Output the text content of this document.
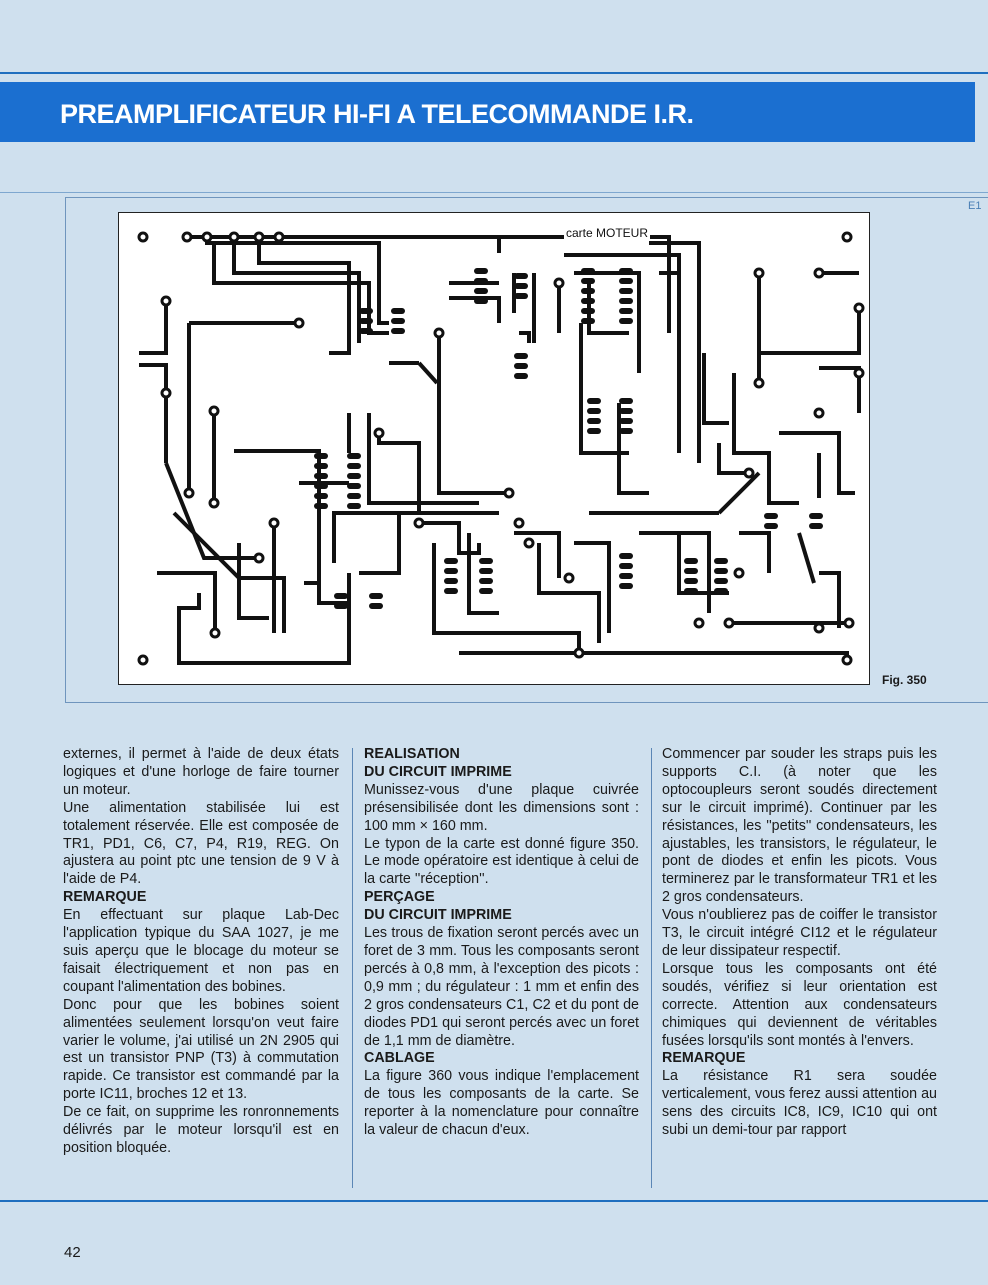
PREAMPLIFICATEUR HI-FI A TELECOMMANDE I.R.
E1
carte MOTEUR
Fig. 350

externes, il permet à l'aide de deux états logiques et d'une horloge de faire tourner un moteur.

Une alimentation stabilisée lui est totalement réservée. Elle est composée de TR1, PD1, C6, C7, P4, R19, REG. On ajustera au point ptc une tension de 9 V à l'aide de P4.

REMARQUE

En effectuant sur plaque Lab-Dec l'application typique du SAA 1027, je me suis aperçu que le blocage du moteur se faisait électriquement et non pas en coupant l'alimentation des bobines.

Donc pour que les bobines soient alimentées seulement lorsqu'on veut faire varier le volume, j'ai utilisé un 2N 2905 qui est un transistor PNP (T3) à commutation rapide. Ce transistor est commandé par la porte IC11, broches 12 et 13.

De ce fait, on supprime les ronronnements délivrés par le moteur lorsqu'il est en position bloquée.

REALISATION
DU CIRCUIT IMPRIME

Munissez-vous d'une plaque cuivrée présensibilisée dont les dimensions sont : 100 mm × 160 mm.

Le typon de la carte est donné figure 350. Le mode opératoire est identique à celui de la carte ''réception''.

PERÇAGE
DU CIRCUIT IMPRIME

Les trous de fixation seront percés avec un foret de 3 mm. Tous les composants seront percés à 0,8 mm, à l'exception des picots : 0,9 mm ; du régulateur : 1 mm et enfin des 2 gros condensateurs C1, C2 et du pont de diodes PD1 qui seront percés avec un foret de 1,1 mm de diamètre.

CABLAGE

La figure 360 vous indique l'emplacement de tous les composants de la carte. Se reporter à la nomenclature pour connaître la valeur de chacun d'eux.

Commencer par souder les straps puis les supports C.I. (à noter que les optocoupleurs seront soudés directement sur le circuit imprimé). Continuer par les résistances, les ''petits'' condensateurs, les ajustables, les transistors, le régulateur, le pont de diodes et enfin les picots. Vous terminerez par le transformateur TR1 et les 2 gros condensateurs.

Vous n'oublierez pas de coiffer le transistor T3, le circuit intégré CI12 et le régulateur de leur dissipateur respectif.

Lorsque tous les composants ont été soudés, vérifiez si leur orientation est correcte. Attention aux condensateurs chimiques qui deviennent de véritables fusées lorsqu'ils sont montés à l'envers.

REMARQUE

La résistance R1 sera soudée verticalement, vous ferez aussi attention au sens des circuits IC8, IC9, IC10 qui ont subi un demi-tour par rapport

42
